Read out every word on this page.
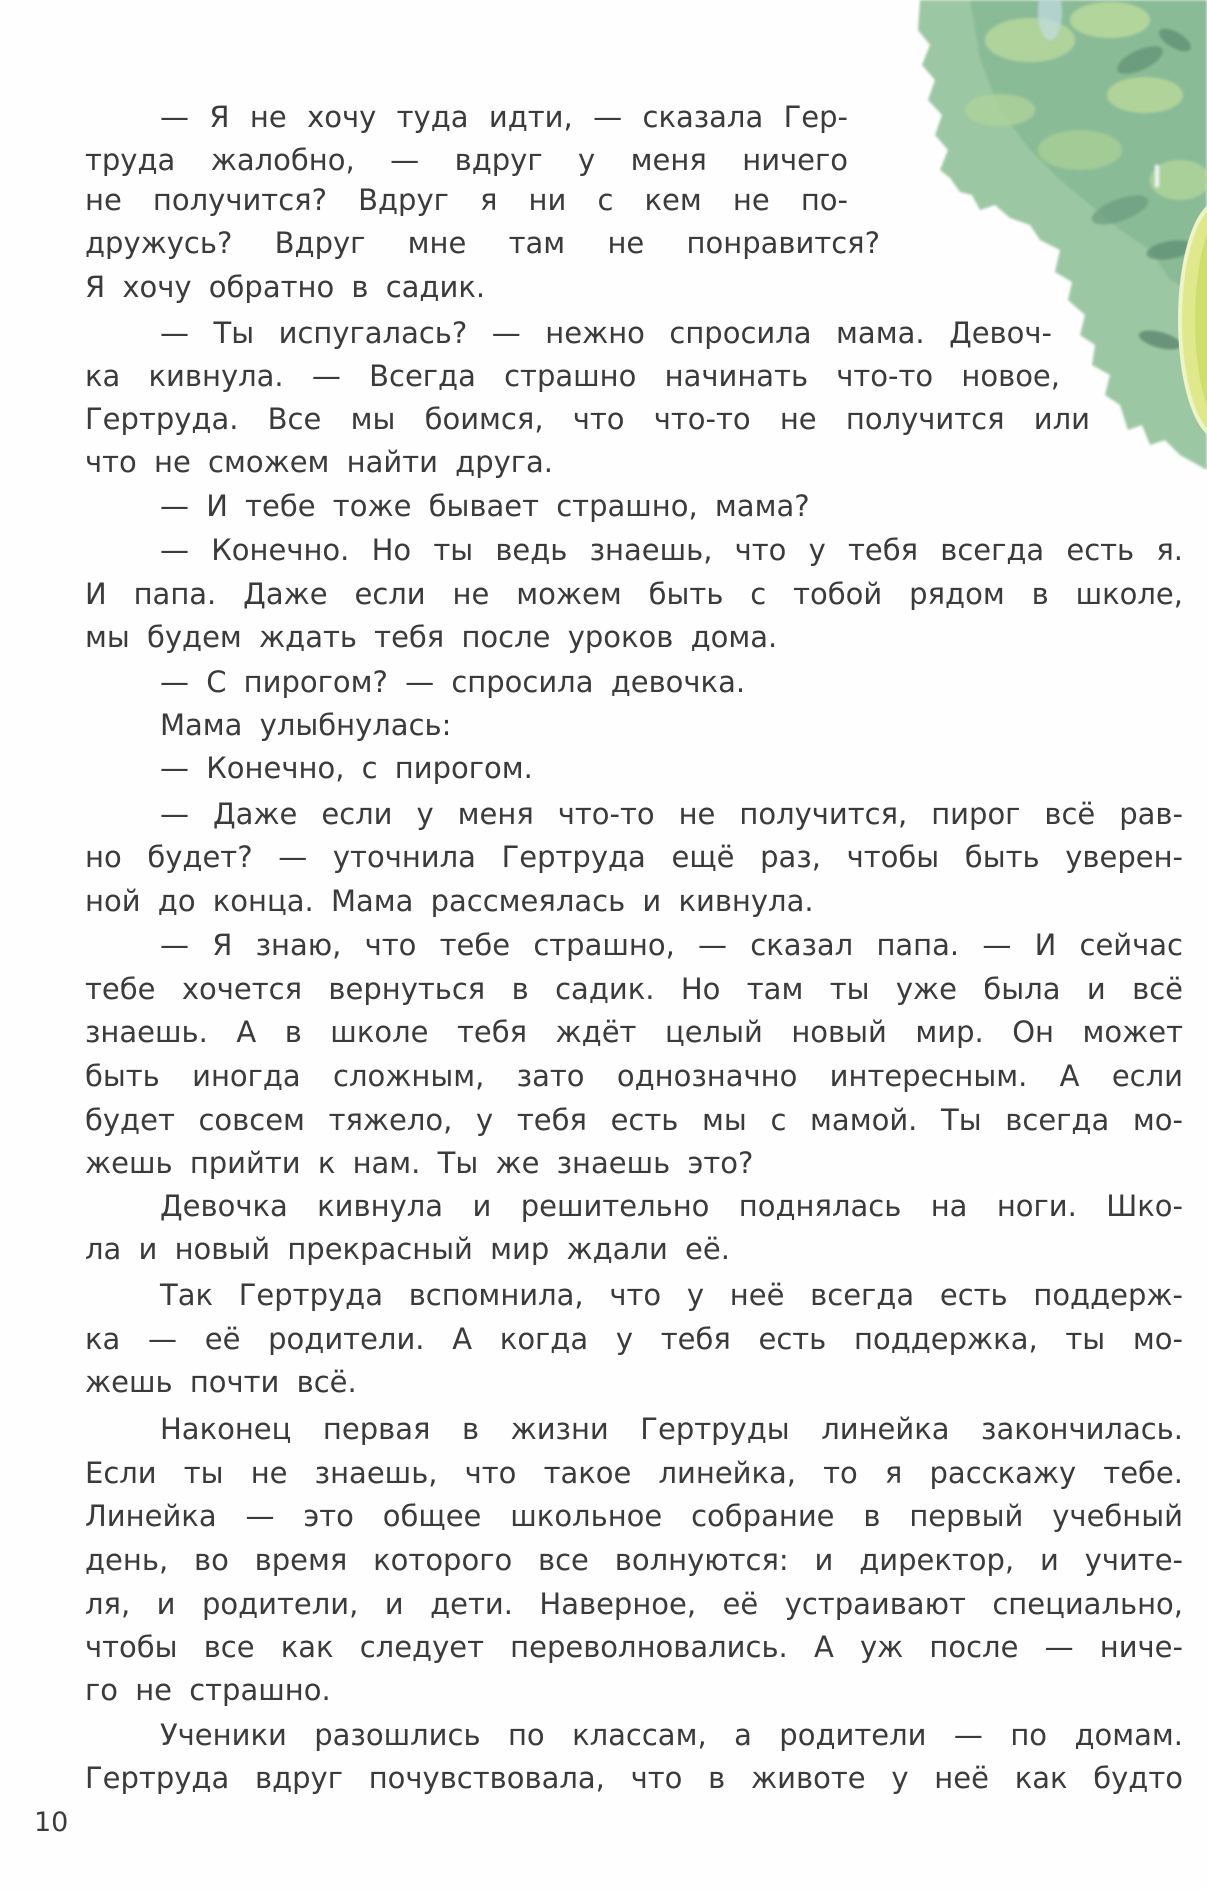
— Я не хочу туда идти, — сказала Гер-
труда жалобно, — вдруг у меня ничего
не получится? Вдруг я ни с кем не по-
дружусь? Вдруг мне там не понравится?
Я хочу обратно в садик.
— Ты испугалась? — нежно спросила мама. Девоч-
ка кивнула. — Всегда страшно начинать что-то новое,
Гертруда. Все мы боимся, что что-то не получится или
что не сможем найти друга.
— И тебе тоже бывает страшно, мама?
— Конечно. Но ты ведь знаешь, что у тебя всегда есть я.
И папа. Даже если не можем быть с тобой рядом в школе,
мы будем ждать тебя после уроков дома.
— С пирогом? — спросила девочка.
Мама улыбнулась:
— Конечно, с пирогом.
— Даже если у меня что-то не получится, пирог всё рав-
но будет? — уточнила Гертруда ещё раз, чтобы быть уверен-
ной до конца. Мама рассмеялась и кивнула.
— Я знаю, что тебе страшно, — сказал папа. — И сейчас
тебе хочется вернуться в садик. Но там ты уже была и всё
знаешь. А в школе тебя ждёт целый новый мир. Он может
быть иногда сложным, зато однозначно интересным. А если
будет совсем тяжело, у тебя есть мы с мамой. Ты всегда мо-
жешь прийти к нам. Ты же знаешь это?
Девочка кивнула и решительно поднялась на ноги. Шко-
ла и новый прекрасный мир ждали её.
Так Гертруда вспомнила, что у неё всегда есть поддерж-
ка — её родители. А когда у тебя есть поддержка, ты мо-
жешь почти всё.
Наконец первая в жизни Гертруды линейка закончилась.
Если ты не знаешь, что такое линейка, то я расскажу тебе.
Линейка — это общее школьное собрание в первый учебный
день, во время которого все волнуются: и директор, и учите-
ля, и родители, и дети. Наверное, её устраивают специально,
чтобы все как следует переволновались. А уж после — ниче-
го не страшно.
Ученики разошлись по классам, а родители — по домам.
Гертруда вдруг почувствовала, что в животе у неё как будто
10
